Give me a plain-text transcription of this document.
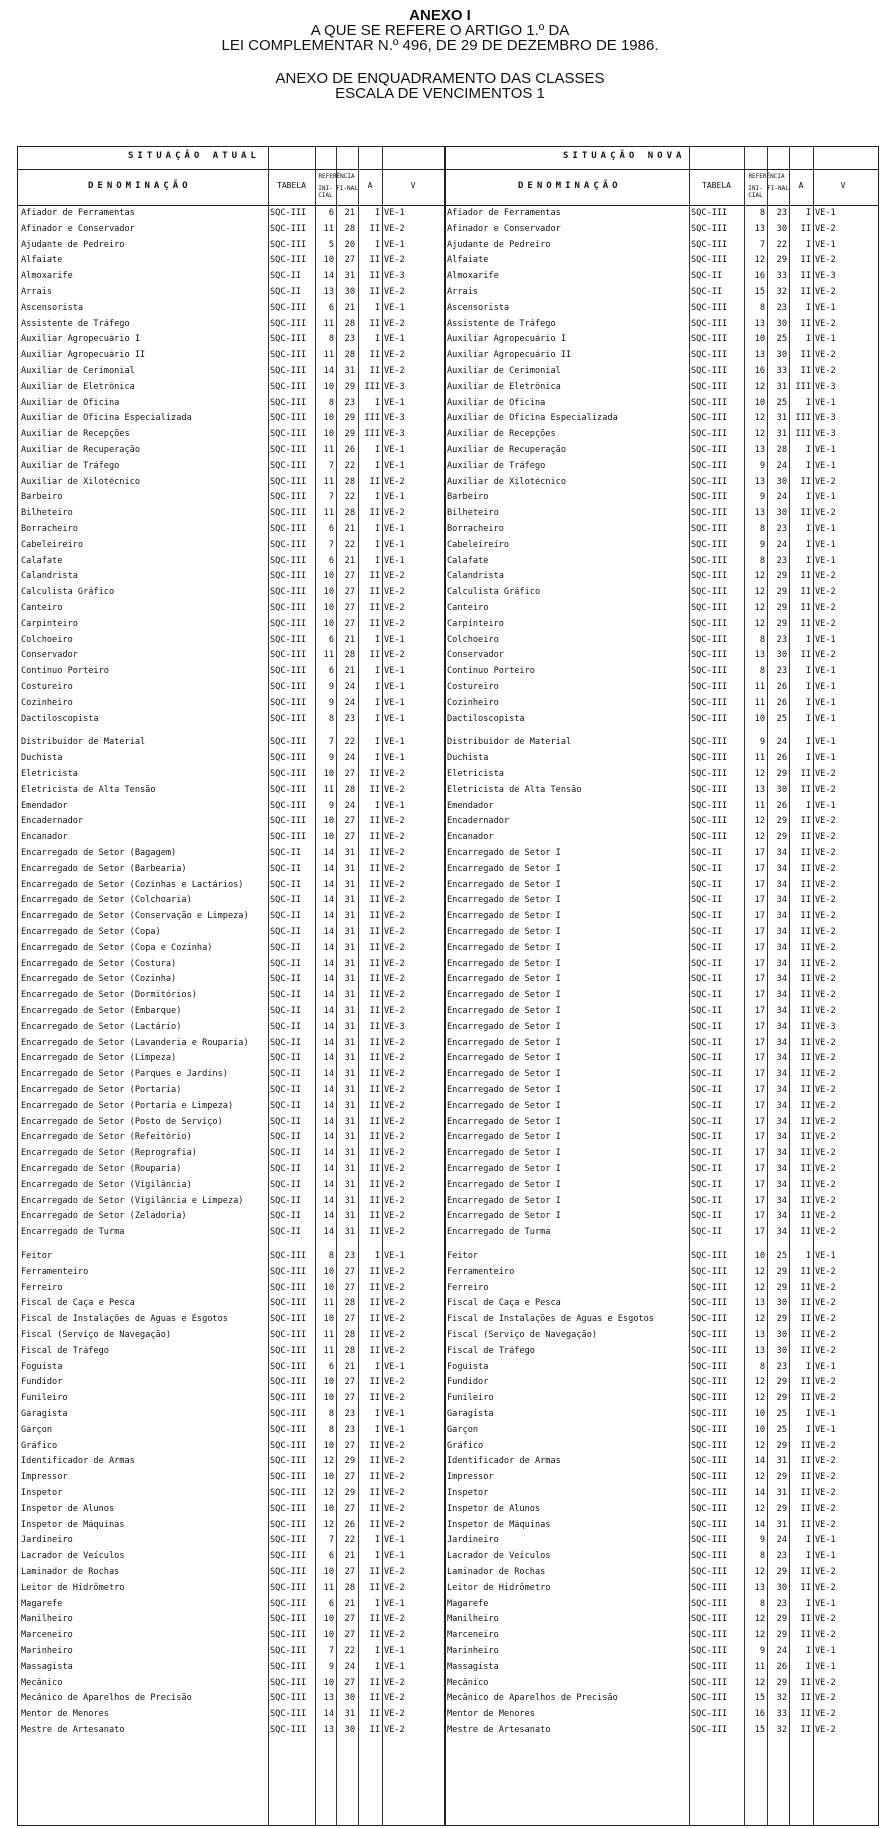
ANEXO I
A QUE SE REFERE O ARTIGO 1.º DA
LEI COMPLEMENTAR N.º 496, DE 29 DE DEZEMBRO DE 1986.
ANEXO DE ENQUADRAMENTO DAS CLASSES
ESCALA DE VENCIMENTOS 1
SITUAÇÃO ATUAL	SITUAÇÃO NOVA
DENOMINAÇÃO	TABELA
REFERÊNCIA
INI-CIAL
FI-NAL	A	V	DENOMINAÇÃO	TABELA
REFERÊNCIA
INI-CIAL
FI-NAL	A	V
Afiador de Ferramentas	SQC-III	6	21	I VE-1	Afiador de Ferramentas	SQC-III	8	23	I VE-1
Afinador e Conservador	SQC-III	11	28	II VE-2	Afinador e Conservador	SQC-III	13	30	II VE-2
Ajudante de Pedreiro	SQC-III	5	20	I VE-1	Ajudante de Pedreiro	SQC-III	7	22	I VE-1
Alfaiate	SQC-III	10	27	II VE-2	Alfaiate	SQC-III	12	29	II VE-2
Almoxarife	SQC-II	14	31	II VE-3	Almoxarife	SQC-II	16	33	II VE-3
Arrais	SQC-II	13	30	II VE-2	Arrais	SQC-II	15	32	II VE-2
Ascensorista	SQC-III	6	21	I VE-1	Ascensorista	SQC-III	8	23	I VE-1
Assistente de Tráfego	SQC-III	11	28	II VE-2	Assistente de Tráfego	SQC-III	13	30	II VE-2
Auxiliar Agropecuário I	SQC-III	8	23	I VE-1	Auxiliar Agropecuário I	SQC-III	10	25	I VE-1
Auxiliar Agropecuário II	SQC-III	11	28	II VE-2	Auxiliar Agropecuário II	SQC-III	13	30	II VE-2
Auxiliar de Cerimonial	SQC-III	14	31	II VE-2	Auxiliar de Cerimonial	SQC-III	16	33	II VE-2
Auxiliar de Eletrônica	SQC-III	10	29	III VE-3	Auxiliar de Eletrônica	SQC-III	12	31 III VE-3
Auxiliar de Oficina	SQC-III	8	23	I VE-1	Auxiliar de Oficina	SQC-III	10	25	I VE-1
Auxiliar de Oficina Especializada	SQC-III	10	29	III VE-3	Auxiliar de Oficina Especializada	SQC-III	12	31 III VE-3
Auxiliar de Recepções	SQC-III	10	29	III VE-3	Auxiliar de Recepções	SQC-III	12	31 III VE-3
Auxiliar de Recuperação	SQC-III	11	26	I VE-1	Auxiliar de Recuperação	SQC-III	13	28	I VE-1
Auxiliar de Tráfego	SQC-III	7	22	I VE-1	Auxiliar de Tráfego	SQC-III	9	24	I VE-1
Auxiliar de Xilotécnico	SQC-III	11	28	II VE-2	Auxiliar de Xilotécnico	SQC-III	13	30	II VE-2
Barbeiro	SQC-III	7	22	I VE-1	Barbeiro	SQC-III	9	24	I VE-1
Bilheteiro	SQC-III	11	28	II VE-2	Bilheteiro	SQC-III	13	30	II VE-2
Borracheiro	SQC-III	6	21	I VE-1	Borracheiro	SQC-III	8	23	I VE-1
Cabeleireiro	SQC-III	7	22	I VE-1	Cabeleireiro	SQC-III	9	24	I VE-1
Calafate	SQC-III	6	21	I VE-1	Calafate	SQC-III	8	23	I VE-1
Calandrista	SQC-III	10	27	II VE-2	Calandrista	SQC-III	12	29	II VE-2
Calculista Gráfico	SQC-III	10	27	II VE-2	Calculista Gráfico	SQC-III	12	29	II VE-2
Canteiro	SQC-III	10	27	II VE-2	Canteiro	SQC-III	12	29	II VE-2
Carpinteiro	SQC-III	10	27	II VE-2	Carpinteiro	SQC-III	12	29	II VE-2
Colchoeiro	SQC-III	6	21	I VE-1	Colchoeiro	SQC-III	8	23	I VE-1
Conservador	SQC-III	11	28	II VE-2	Conservador	SQC-III	13	30	II VE-2
Contínuo Porteiro	SQC-III	6	21	I VE-1	Contínuo Porteiro	SQC-III	8	23	I VE-1
Costureiro	SQC-III	9	24	I VE-1	Costureiro	SQC-III	11	26	I VE-1
Cozinheiro	SQC-III	9	24	I VE-1	Cozinheiro	SQC-III	11	26	I VE-1
Dactiloscopista	SQC-III	8	23	I VE-1	Dactiloscopista	SQC-III	10	25	I VE-1
Distribuidor de Material	SQC-III	7	22	I VE-1	Distribuidor de Material	SQC-III	9	24	I VE-1
Duchista	SQC-III	9	24	I VE-1	Duchista	SQC-III	11	26	I VE-1
Eletricista	SQC-III	10	27	II VE-2	Eletricista	SQC-III	12	29	II VE-2
Eletricista de Alta Tensão	SQC-III	11	28	II VE-2	Eletricista de Alta Tensão	SQC-III	13	30	II VE-2
Emendador	SQC-III	9	24	I VE-1	Emendador	SQC-III	11	26	I VE-1
Encadernador	SQC-III	10	27	II VE-2	Encadernador	SQC-III	12	29	II VE-2
Encanador	SQC-III	10	27	II VE-2	Encanador	SQC-III	12	29	II VE-2
Encarregado de Setor (Bagagem)	SQC-II	14	31	II VE-2	Encarregado de Setor I	SQC-II	17	34	II VE-2
Encarregado de Setor (Barbearia)	SQC-II	14	31	II VE-2	Encarregado de Setor I	SQC-II	17	34	II VE-2
Encarregado de Setor (Cozinhas e Lactários)	SQC-II	14	31	II VE-2	Encarregado de Setor I	SQC-II	17	34	II VE-2
Encarregado de Setor (Colchoaria)	SQC-II	14	31	II VE-2	Encarregado de Setor I	SQC-II	17	34	II VE-2
Encarregado de Setor (Conservação e Limpeza)	SQC-II	14	31	II VE-2	Encarregado de Setor I	SQC-II	17	34	II VE-2
Encarregado de Setor (Copa)	SQC-II	14	31	II VE-2	Encarregado de Setor I	SQC-II	17	34	II VE-2
Encarregado de Setor (Copa e Cozinha)	SQC-II	14	31	II VE-2	Encarregado de Setor I	SQC-II	17	34	II VE-2
Encarregado de Setor (Costura)	SQC-II	14	31	II VE-2	Encarregado de Setor I	SQC-II	17	34	II VE-2
Encarregado de Setor (Cozinha)	SQC-II	14	31	II VE-2	Encarregado de Setor I	SQC-II	17	34	II VE-2
Encarregado de Setor (Dormitórios)	SQC-II	14	31	II VE-2	Encarregado de Setor I	SQC-II	17	34	II VE-2
Encarregado de Setor (Embarque)	SQC-II	14	31	II VE-2	Encarregado de Setor I	SQC-II	17	34	II VE-2
Encarregado de Setor (Lactário)	SQC-II	14	31	II VE-3	Encarregado de Setor I	SQC-II	17	34	II VE-3
Encarregado de Setor (Lavanderia e Rouparia)	SQC-II	14	31	II VE-2	Encarregado de Setor I	SQC-II	17	34	II VE-2
Encarregado de Setor (Limpeza)	SQC-II	14	31	II VE-2	Encarregado de Setor I	SQC-II	17	34	II VE-2
Encarregado de Setor (Parques e Jardins)	SQC-II	14	31	II VE-2	Encarregado de Setor I	SQC-II	17	34	II VE-2
Encarregado de Setor (Portaria)	SQC-II	14	31	II VE-2	Encarregado de Setor I	SQC-II	17	34	II VE-2
Encarregado de Setor (Portaria e Limpeza)	SQC-II	14	31	II VE-2	Encarregado de Setor I	SQC-II	17	34	II VE-2
Encarregado de Setor (Posto de Serviço)	SQC-II	14	31	II VE-2	Encarregado de Setor I	SQC-II	17	34	II VE-2
Encarregado de Setor (Refeitório)	SQC-II	14	31	II VE-2	Encarregado de Setor I	SQC-II	17	34	II VE-2
Encarregado de Setor (Reprografia)	SQC-II	14	31	II VE-2	Encarregado de Setor I	SQC-II	17	34	II VE-2
Encarregado de Setor (Rouparia)	SQC-II	14	31	II VE-2	Encarregado de Setor I	SQC-II	17	34	II VE-2
Encarregado de Setor (Vigilância)	SQC-II	14	31	II VE-2	Encarregado de Setor I	SQC-II	17	34	II VE-2
Encarregado de Setor (Vigilância e Limpeza)	SQC-II	14	31	II VE-2	Encarregado de Setor I	SQC-II	17	34	II VE-2
Encarregado de Setor (Zeladoria)	SQC-II	14	31	II VE-2	Encarregado de Setor I	SQC-II	17	34	II VE-2
Encarregado de Turma	SQC-II	14	31	II VE-2	Encarregado de Turma	SQC-II	17	34	II VE-2
Feitor	SQC-III	8	23	I VE-1	Feitor	SQC-III	10	25	I VE-1
Ferramenteiro	SQC-III	10	27	II VE-2	Ferramenteiro	SQC-III	12	29	II VE-2
Ferreiro	SQC-III	10	27	II VE-2	Ferreiro	SQC-III	12	29	II VE-2
Fiscal de Caça e Pesca	SQC-III	11	28	II VE-2	Fiscal de Caça e Pesca	SQC-III	13	30	II VE-2
Fiscal de Instalações de Águas e Esgotos	SQC-III	10	27	II VE-2	Fiscal de Instalações de Águas e Esgotos	SQC-III	12	29	II VE-2
Fiscal (Serviço de Navegação)	SQC-III	11	28	II VE-2	Fiscal (Serviço de Navegação)	SQC-III	13	30	II VE-2
Fiscal de Tráfego	SQC-III	11	28	II VE-2	Fiscal de Tráfego	SQC-III	13	30	II VE-2
Foguista	SQC-III	6	21	I VE-1	Foguista	SQC-III	8	23	I VE-1
Fundidor	SQC-III	10	27	II VE-2	Fundidor	SQC-III	12	29	II VE-2
Funileiro	SQC-III	10	27	II VE-2	Funileiro	SQC-III	12	29	II VE-2
Garagista	SQC-III	8	23	I VE-1	Garagista	SQC-III	10	25	I VE-1
Garçon	SQC-III	8	23	I VE-1	Garçon	SQC-III	10	25	I VE-1
Gráfico	SQC-III	10	27	II VE-2	Gráfico	SQC-III	12	29	II VE-2
Identificador de Armas	SQC-III	12	29	II VE-2	Identificador de Armas	SQC-III	14	31	II VE-2
Impressor	SQC-III	10	27	II VE-2	Impressor	SQC-III	12	29	II VE-2
Inspetor	SQC-III	12	29	II VE-2	Inspetor	SQC-III	14	31	II VE-2
Inspetor de Alunos	SQC-III	10	27	II VE-2	Inspetor de Alunos	SQC-III	12	29	II VE-2
Inspetor de Máquinas	SQC-III	12	26	II VE-2	Inspetor de Máquinas	SQC-III	14	31	II VE-2
Jardineiro	SQC-III	7	22	I VE-1	Jardineiro	SQC-III	9	24	I VE-1
Lacrador de Veículos	SQC-III	6	21	I VE-1	Lacrador de Veículos	SQC-III	8	23	I VE-1
Laminador de Rochas	SQC-III	10	27	II VE-2	Laminador de Rochas	SQC-III	12	29	II VE-2
Leitor de Hidrômetro	SQC-III	11	28	II VE-2	Leitor de Hidrômetro	SQC-III	13	30	II VE-2
Magarefe	SQC-III	6	21	I VE-1	Magarefe	SQC-III	8	23	I VE-1
Manilheiro	SQC-III	10	27	II VE-2	Manilheiro	SQC-III	12	29	II VE-2
Marceneiro	SQC-III	10	27	II VE-2	Marceneiro	SQC-III	12	29	II VE-2
Marinheiro	SQC-III	7	22	I VE-1	Marinheiro	SQC-III	9	24	I VE-1
Massagista	SQC-III	9	24	I VE-1	Massagista	SQC-III	11	26	I VE-1
Mecânico	SQC-III	10	27	II VE-2	Mecânico	SQC-III	12	29	II VE-2
Mecânico de Aparelhos de Precisão	SQC-III	13	30	II VE-2	Mecânico de Aparelhos de Precisão	SQC-III	15	32	II VE-2
Mentor de Menores	SQC-III	14	31	II VE-2	Mentor de Menores	SQC-III	16	33	II VE-2
Mestre de Artesanato	SQC-III	13	30	II VE-2	Mestre de Artesanato	SQC-III	15	32	II VE-2
